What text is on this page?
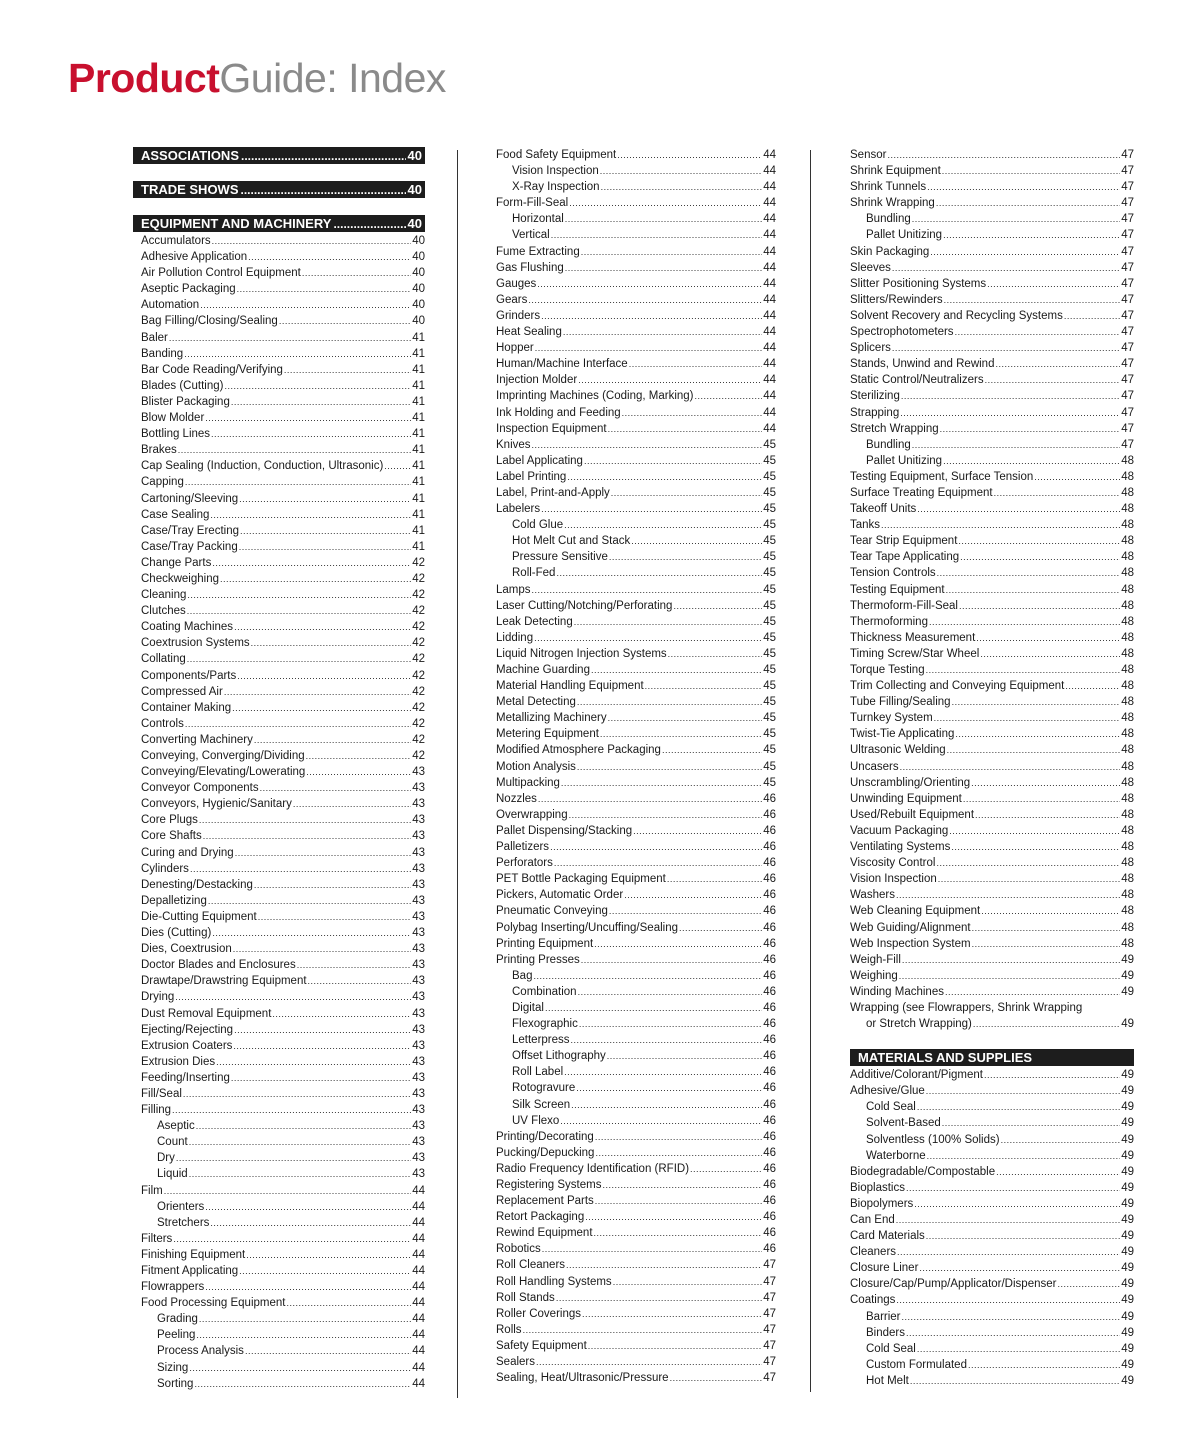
ProductGuide: Index
ASSOCIATIONS .....	40
TRADE SHOWS .....	40
EQUIPMENT AND MACHINERY .....	40
Accumulators .....	40
Adhesive Application .....	40
Air Pollution Control Equipment .....	40
Aseptic Packaging .....	40
Automation .....	40
Bag Filling/Closing/Sealing .....	40
Baler .....	41
Banding .....	41
Bar Code Reading/Verifying .....	41
Blades (Cutting) .....	41
Blister Packaging .....	41
Blow Molder .....	41
Bottling Lines .....	41
Brakes .....	41
Cap Sealing (Induction, Conduction, Ultrasonic) .....	41
Capping .....	41
Cartoning/Sleeving .....	41
Case Sealing .....	41
Case/Tray Erecting .....	41
Case/Tray Packing .....	41
Change Parts .....	42
Checkweighing .....	42
Cleaning .....	42
Clutches .....	42
Coating Machines .....	42
Coextrusion Systems .....	42
Collating .....	42
Components/Parts .....	42
Compressed Air .....	42
Container Making .....	42
Controls .....	42
Converting Machinery .....	42
Conveying, Converging/Dividing .....	42
Conveying/Elevating/Lowerating .....	43
Conveyor Components .....	43
Conveyors, Hygienic/Sanitary .....	43
Core Plugs .....	43
Core Shafts .....	43
Curing and Drying .....	43
Cylinders .....	43
Denesting/Destacking .....	43
Depalletizing .....	43
Die-Cutting Equipment .....	43
Dies (Cutting) .....	43
Dies, Coextrusion .....	43
Doctor Blades and Enclosures .....	43
Drawtape/Drawstring Equipment .....	43
Drying .....	43
Dust Removal Equipment .....	43
Ejecting/Rejecting .....	43
Extrusion Coaters .....	43
Extrusion Dies .....	43
Feeding/Inserting .....	43
Fill/Seal .....	43
Filling .....	43
Aseptic .....	43
Count .....	43
Dry .....	43
Liquid .....	43
Film .....	44
Orienters .....	44
Stretchers .....	44
Filters .....	44
Finishing Equipment .....	44
Fitment Applicating .....	44
Flowrappers .....	44
Food Processing Equipment .....	44
Grading .....	44
Peeling .....	44
Process Analysis .....	44
Sizing .....	44
Sorting .....	44
Food Safety Equipment .....	44
Vision Inspection .....	44
X-Ray Inspection .....	44
Form-Fill-Seal .....	44
Horizontal .....	44
Vertical .....	44
Fume Extracting .....	44
Gas Flushing .....	44
Gauges .....	44
Gears .....	44
Grinders .....	44
Heat Sealing .....	44
Hopper .....	44
Human/Machine Interface .....	44
Injection Molder .....	44
Imprinting Machines (Coding, Marking) .....	44
Ink Holding and Feeding .....	44
Inspection Equipment .....	44
Knives .....	45
Label Applicating .....	45
Label Printing .....	45
Label, Print-and-Apply .....	45
Labelers .....	45
Cold Glue .....	45
Hot Melt Cut and Stack .....	45
Pressure Sensitive .....	45
Roll-Fed .....	45
Lamps .....	45
Laser Cutting/Notching/Perforating .....	45
Leak Detecting .....	45
Lidding .....	45
Liquid Nitrogen Injection Systems .....	45
Machine Guarding .....	45
Material Handling Equipment .....	45
Metal Detecting .....	45
Metallizing Machinery .....	45
Metering Equipment .....	45
Modified Atmosphere Packaging .....	45
Motion Analysis .....	45
Multipacking .....	45
Nozzles .....	46
Overwrapping .....	46
Pallet Dispensing/Stacking .....	46
Palletizers .....	46
Perforators .....	46
PET Bottle Packaging Equipment .....	46
Pickers, Automatic Order .....	46
Pneumatic Conveying .....	46
Polybag Inserting/Uncuffing/Sealing .....	46
Printing Equipment .....	46
Printing Presses .....	46
Bag .....	46
Combination .....	46
Digital .....	46
Flexographic .....	46
Letterpress .....	46
Offset Lithography .....	46
Roll Label .....	46
Rotogravure .....	46
Silk Screen .....	46
UV Flexo .....	46
Printing/Decorating .....	46
Pucking/Depucking .....	46
Radio Frequency Identification (RFID) .....	46
Registering Systems .....	46
Replacement Parts .....	46
Retort Packaging .....	46
Rewind Equipment .....	46
Robotics .....	46
Roll Cleaners .....	47
Roll Handling Systems .....	47
Roll Stands .....	47
Roller Coverings .....	47
Rolls .....	47
Safety Equipment .....	47
Sealers .....	47
Sealing, Heat/Ultrasonic/Pressure .....	47
Sensor .....	47
Shrink Equipment .....	47
Shrink Tunnels .....	47
Shrink Wrapping .....	47
Bundling .....	47
Pallet Unitizing .....	47
Skin Packaging .....	47
Sleeves .....	47
Slitter Positioning Systems .....	47
Slitters/Rewinders .....	47
Solvent Recovery and Recycling Systems .....	47
Spectrophotometers .....	47
Splicers .....	47
Stands, Unwind and Rewind .....	47
Static Control/Neutralizers .....	47
Sterilizing .....	47
Strapping .....	47
Stretch Wrapping .....	47
Bundling .....	47
Pallet Unitizing .....	48
Testing Equipment, Surface Tension .....	48
Surface Treating Equipment .....	48
Takeoff Units .....	48
Tanks .....	48
Tear Strip Equipment .....	48
Tear Tape Applicating .....	48
Tension Controls .....	48
Testing Equipment .....	48
Thermoform-Fill-Seal .....	48
Thermoforming .....	48
Thickness Measurement .....	48
Timing Screw/Star Wheel .....	48
Torque Testing .....	48
Trim Collecting and Conveying Equipment .....	48
Tube Filling/Sealing .....	48
Turnkey System .....	48
Twist-Tie Applicating .....	48
Ultrasonic Welding .....	48
Uncasers .....	48
Unscrambling/Orienting .....	48
Unwinding Equipment .....	48
Used/Rebuilt Equipment .....	48
Vacuum Packaging .....	48
Ventilating Systems .....	48
Viscosity Control .....	48
Vision Inspection .....	48
Washers .....	48
Web Cleaning Equipment .....	48
Web Guiding/Alignment .....	48
Web Inspection System .....	48
Weigh-Fill .....	49
Weighing .....	49
Winding Machines .....	49
Wrapping (see Flowrappers, Shrink Wrapping
or Stretch Wrapping) .....	49
MATERIALS AND SUPPLIES
Additive/Colorant/Pigment .....	49
Adhesive/Glue .....	49
Cold Seal .....	49
Solvent-Based .....	49
Solventless (100% Solids) .....	49
Waterborne .....	49
Biodegradable/Compostable .....	49
Bioplastics .....	49
Biopolymers .....	49
Can End .....	49
Card Materials .....	49
Cleaners .....	49
Closure Liner .....	49
Closure/Cap/Pump/Applicator/Dispenser .....	49
Coatings .....	49
Barrier .....	49
Binders .....	49
Cold Seal .....	49
Custom Formulated .....	49
Hot Melt .....	49
